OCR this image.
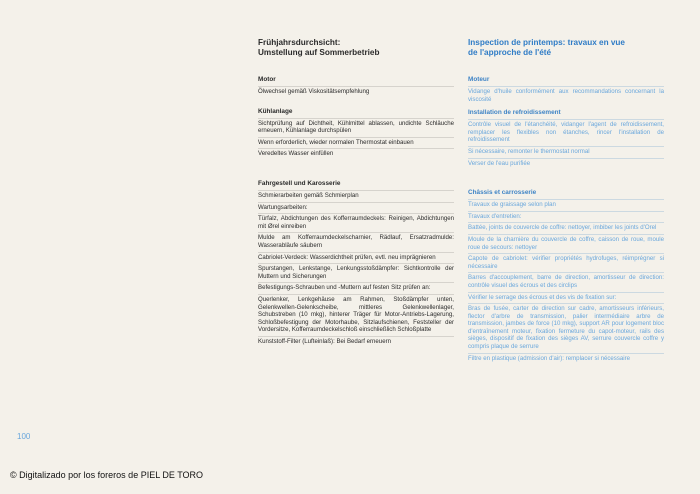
Frühjahrsdurchsicht:
Umstellung auf Sommerbetrieb
Motor
Ölwechsel gemäß Viskositätsempfehlung
Kühlanlage
Sichtprüfung auf Dichtheit, Kühlmittel ablassen, undichte Schläuche erneuern, Kühlanlage durchspülen
Wenn erforderlich, wieder normalen Thermostat einbauen
Veredeltes Wasser einfüllen
Fahrgestell und Karosserie
Schmierarbeiten gemäß Schmierplan
Wartungsarbeiten:
Türfalz, Abdichtungen des Kofferraumdeckels: Reinigen, Abdichtungen mit Ørel einreiben
Mulde am Kofferraumdeckelscharnier, Rädlauf, Ersatzradmulde: Wasserabläufe säubern
Cabriolet-Verdeck: Wasserdichtheit prüfen, evtl. neu imprägnieren
Spurstangen, Lenkstange, Lenkungsstoßdämpfer: Sichtkontrolle der Muttern und Sicherungen
Befestigungs-Schrauben und -Muttern auf festen Sitz prüfen an:
Querlenker, Lenkgehäuse am Rahmen, Stoßdämpfer unten, Gelenkwellen-Gelenkscheibe, mittleres Gelenkwellenlager, Schubstreben (10 mkg), hinterer Träger für Motor-Antriebs-Lagerung, Schloßbefestigung der Motorhaube, Sitzlaufschienen, Feststeller der Vordersitze, Kofferraumdeckelschloß einschließlich Schloßplatte
Kunststoff-Filter (Lufteinlaß): Bei Bedarf erneuern
Inspection de printemps: travaux en vue
de l'approche de l'été
Moteur
Vidange d'huile conformément aux recommandations concernant la viscosité
Installation de refroidissement
Contrôle visuel de l'étanchéité, vidanger l'agent de refroidissement, remplacer les flexibles non étanches, rincer l'installation de refroidissement
Si nécessaire, remonter le thermostat normal
Verser de l'eau purifiée
Châssis et carrosserie
Travaux de graissage selon plan
Travaux d'entretien:
Battée, joints de couvercle de coffre: nettoyer, imbiber les joints d'Orel
Moule de la charnière du couvercle de coffre, caisson de roue, moule roue de secours: nettoyer
Capote de cabriolet: vérifier propriétés hydrofuges, réimprégner si nécessaire
Barres d'accouplement, barre de direction, amortisseur de direction: contrôle visuel des écrous et des circlips
Vérifier le serrage des écrous et des vis de fixation sur:
Bras de fusée, carter de direction sur cadre, amortisseurs inférieurs, flector d'arbre de transmission, palier intermédiaire arbre de transmission, jambes de force (10 mkg), support AR pour logement bloc d'entraînement moteur, fixation fermeture du capot-moteur, rails des sièges, dispositif de fixation des sièges AV, serrure couvercle coffre y compris plaque de serrure
Filtre en plastique (admission d'air): remplacer si nécessaire
100
© Digitalizado por los foreros de PIEL DE TORO
